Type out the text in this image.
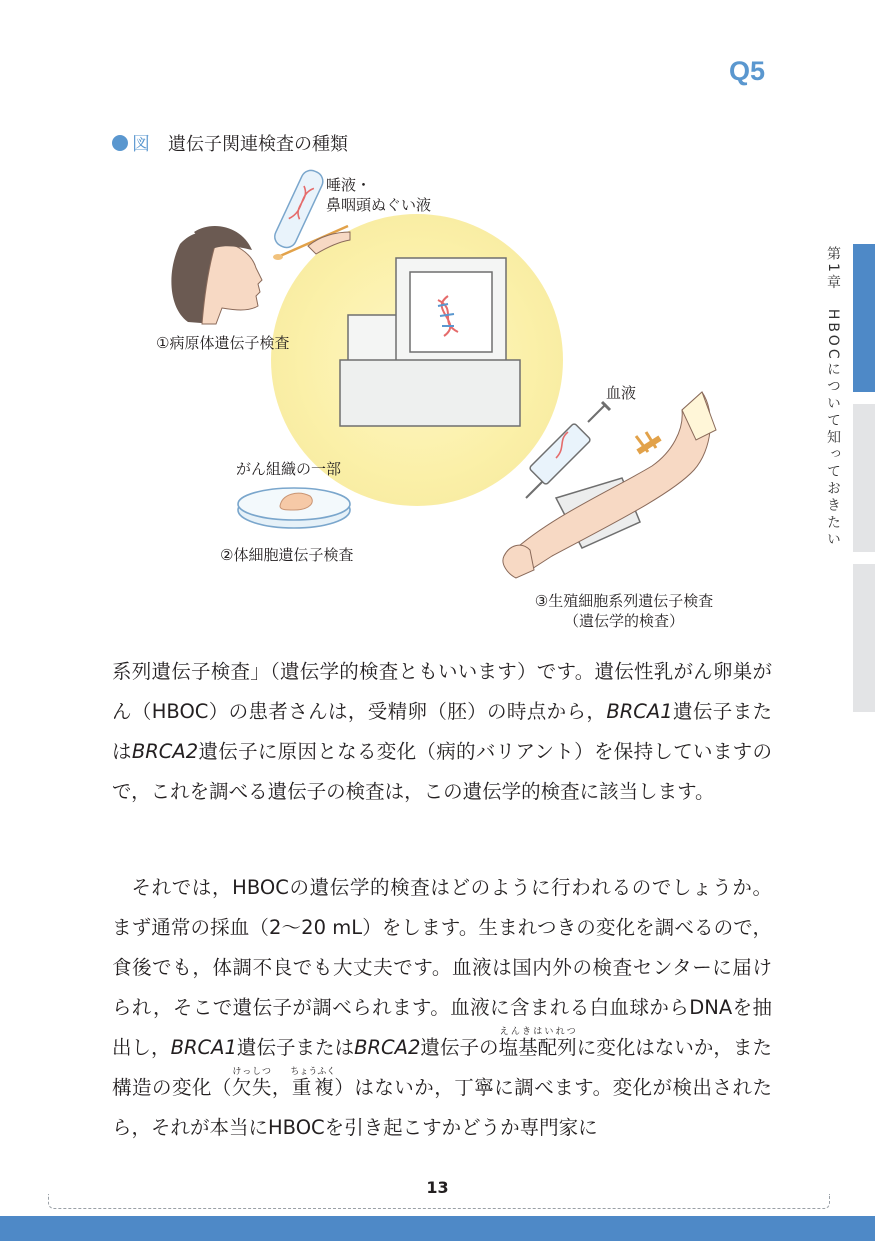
Q5
図 遺伝子関連検査の種類
第1章　HBOCについて知っておきたい
唾液・
鼻咽頭ぬぐい液
①病原体遺伝子検査
血液
がん組織の一部
②体細胞遺伝子検査
③生殖細胞系列遺伝子検査
（遺伝学的検査）

系列遺伝子検査」（遺伝学的検査ともいいます）です。遺伝性乳がん卵巣がん（HBOC）の患者さんは，受精卵（胚）の時点から，BRCA1遺伝子またはBRCA2遺伝子に原因となる変化（病的バリアント）を保持していますので，これを調べる遺伝子の検査は，この遺伝学的検査に該当します。

それでは，HBOCの遺伝学的検査はどのように行われるのでしょうか。まず通常の採血（2〜20 mL）をします。生まれつきの変化を調べるので，食後でも，体調不良でも大丈夫です。血液は国内外の検査センターに届けられ，そこで遺伝子が調べられます。血液に含まれる白血球からDNAを抽出し，BRCA1遺伝子またはBRCA2遺伝子の塩基配列えんきはいれつに変化はないか，また構造の変化（欠失けっしつ，重複ちょうふく）はないか，丁寧に調べます。変化が検出されたら，それが本当にHBOCを引き起こすかどうか専門家に

13
